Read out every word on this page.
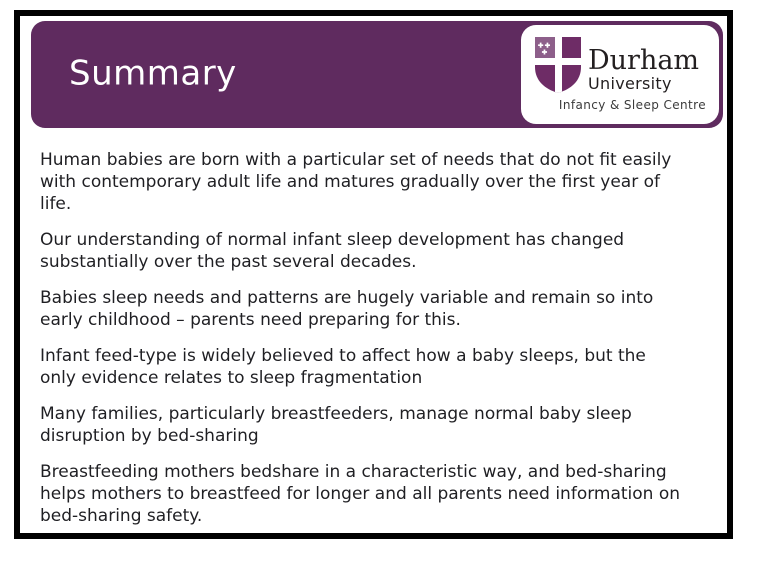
Summary	Durham
University
Infancy & Sleep Centre

Human babies are born with a particular set of needs that do not fit easily with contemporary adult life and matures gradually over the first year of life.

Our understanding of normal infant sleep development has changed substantially over the past several decades.

Babies sleep needs and patterns are hugely variable and remain so into early childhood – parents need preparing for this.

Infant feed-type is widely believed to affect how a baby sleeps, but the only evidence relates to sleep fragmentation

Many families, particularly breastfeeders, manage normal baby sleep disruption by bed-sharing

Breastfeeding mothers bedshare in a characteristic way, and bed-sharing helps mothers to breastfeed for longer and all parents need information on bed-sharing safety.
